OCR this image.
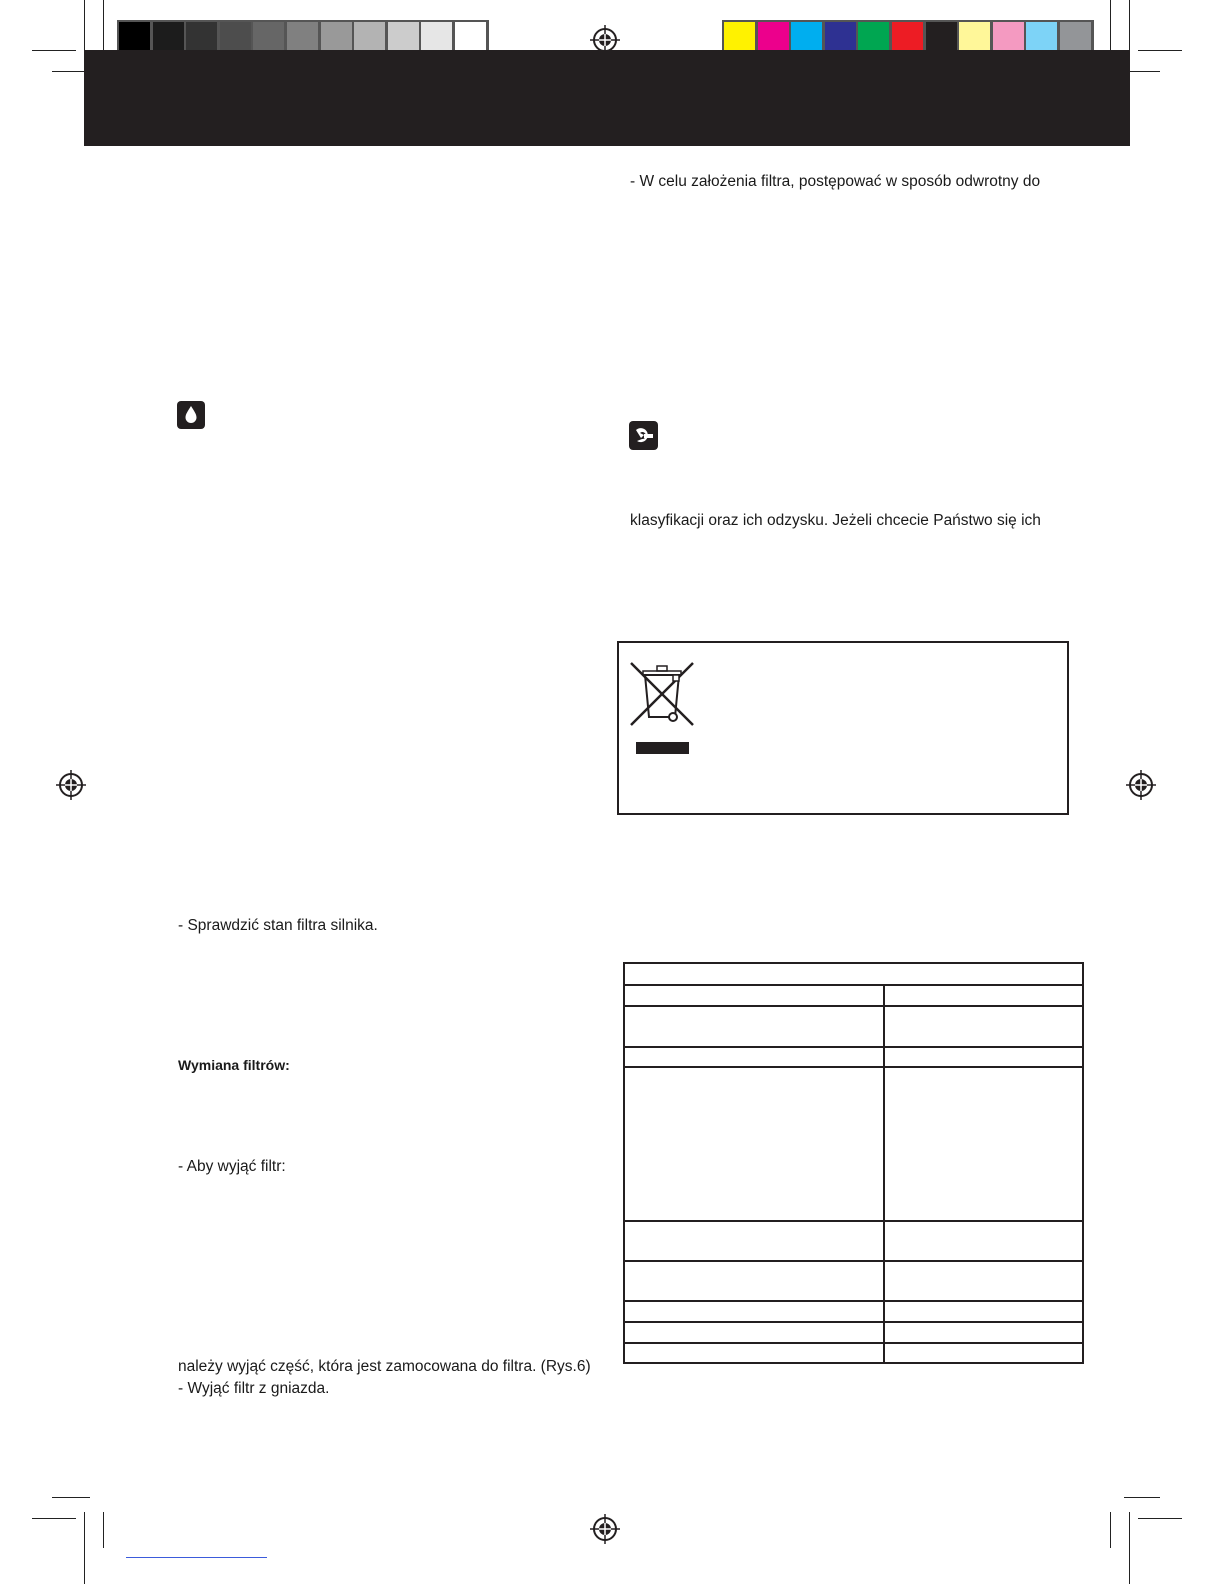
- W celu założenia filtra, postępować w sposób odwrotny do
klasyfikacji oraz ich odzysku. Jeżeli chcecie Państwo się ich
- Sprawdzić stan filtra silnika.
Wymiana filtrów:
- Aby wyjąć filtr:
należy wyjąć część, która jest zamocowana do filtra. (Rys.6)
- Wyjąć filtr z gniazda.
